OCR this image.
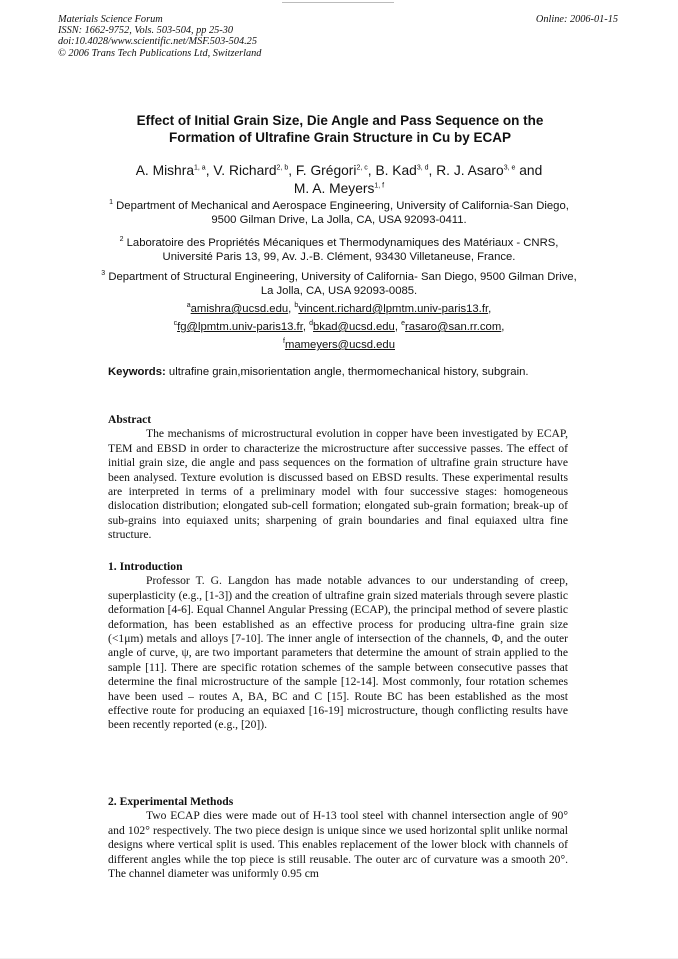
Materials Science Forum
ISSN: 1662-9752, Vols. 503-504, pp 25-30
doi:10.4028/www.scientific.net/MSF.503-504.25
© 2006 Trans Tech Publications Ltd, Switzerland
Online: 2006-01-15
Effect of Initial Grain Size, Die Angle and Pass Sequence on the
Formation of Ultrafine Grain Structure in Cu by ECAP
A. Mishra$^{1, a}$, V. Richard$^{2, b}$, F. Grégori$^{2, c}$, B. Kad$^{3, d}$, R. J. Asaro$^{3, e}$ and
M. A. Meyers$^{1, f}$
$^1$ Department of Mechanical and Aerospace Engineering, University of California-San Diego, 9500 Gilman Drive, La Jolla, CA, USA 92093-0411.
$^2$ Laboratoire des Propriétés Mécaniques et Thermodynamiques des Matériaux - CNRS, Université Paris 13, 99, Av. J.-B. Clément, 93430 Villetaneuse, France.
$^3$ Department of Structural Engineering, University of California- San Diego, 9500 Gilman Drive, La Jolla, CA, USA 92093-0085.
$^a$amishra@ucsd.edu, $^b$vincent.richard@lpmtm.univ-paris13.fr,
$^c$fg@lpmtm.univ-paris13.fr, $^d$bkad@ucsd.edu, $^e$rasaro@san.rr.com,
$^f$mameyers@ucsd.edu
Keywords: ultrafine grain,misorientation angle, thermomechanical history, subgrain.
Abstract

The mechanisms of microstructural evolution in copper have been investigated by ECAP, TEM and EBSD in order to characterize the microstructure after successive passes. The effect of initial grain size, die angle and pass sequences on the formation of ultrafine grain structure have been analysed. Texture evolution is discussed based on EBSD results. These experimental results are interpreted in terms of a preliminary model with four successive stages: homogeneous dislocation distribution; elongated sub-cell formation; elongated sub-grain formation; break-up of sub-grains into equiaxed units; sharpening of grain boundaries and final equiaxed ultra fine structure.

1. Introduction

Professor T. G. Langdon has made notable advances to our understanding of creep, superplasticity (e.g., [1-3]) and the creation of ultrafine grain sized materials through severe plastic deformation [4-6]. Equal Channel Angular Pressing (ECAP), the principal method of severe plastic deformation, has been established as an effective process for producing ultra-fine grain size (<1μm) metals and alloys [7-10]. The inner angle of intersection of the channels, Φ, and the outer angle of curve, ψ, are two important parameters that determine the amount of strain applied to the sample [11]. There are specific rotation schemes of the sample between consecutive passes that determine the final microstructure of the sample [12-14]. Most commonly, four rotation schemes have been used – routes A, BA, BC and C [15]. Route BC has been established as the most effective route for producing an equiaxed [16-19] microstructure, though conflicting results have been recently reported (e.g., [20]).

2. Experimental Methods

Two ECAP dies were made out of H-13 tool steel with channel intersection angle of 90° and 102° respectively. The two piece design is unique since we used horizontal split unlike normal designs where vertical split is used. This enables replacement of the lower block with channels of different angles while the top piece is still reusable. The outer arc of curvature was a smooth 20°. The channel diameter was uniformly 0.95 cm
